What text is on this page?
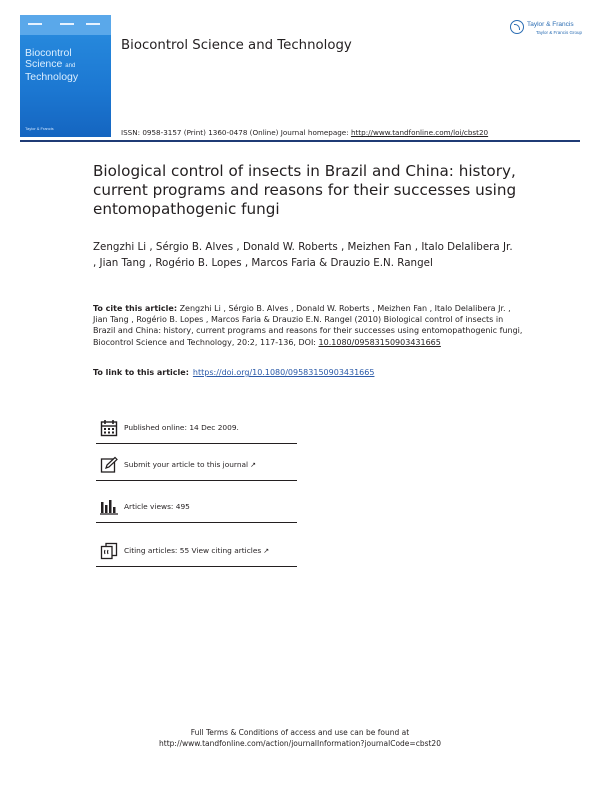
Biocontrol
Science and
Technology
Taylor & Francis
Biocontrol Science and Technology
Taylor & Francis
Taylor & Francis Group
ISSN: 0958-3157 (Print) 1360-0478 (Online) Journal homepage: http://www.tandfonline.com/loi/cbst20
Biological control of insects in Brazil and China: history, current programs and reasons for their successes using entomopathogenic fungi
Zengzhi Li , Sérgio B. Alves , Donald W. Roberts , Meizhen Fan , Italo Delalibera Jr. , Jian Tang , Rogério B. Lopes , Marcos Faria & Drauzio E.N. Rangel
To cite this article: Zengzhi Li , Sérgio B. Alves , Donald W. Roberts , Meizhen Fan , Italo Delalibera Jr. , Jian Tang , Rogério B. Lopes , Marcos Faria & Drauzio E.N. Rangel (2010) Biological control of insects in Brazil and China: history, current programs and reasons for their successes using entomopathogenic fungi, Biocontrol Science and Technology, 20:2, 117-136, DOI: 10.1080/09583150903431665
To link to this article: https://doi.org/10.1080/09583150903431665
Published online: 14 Dec 2009.
Submit your article to this journal ↗
Article views: 495
Citing articles: 55 View citing articles ↗
Full Terms & Conditions of access and use can be found at
http://www.tandfonline.com/action/journalInformation?journalCode=cbst20
